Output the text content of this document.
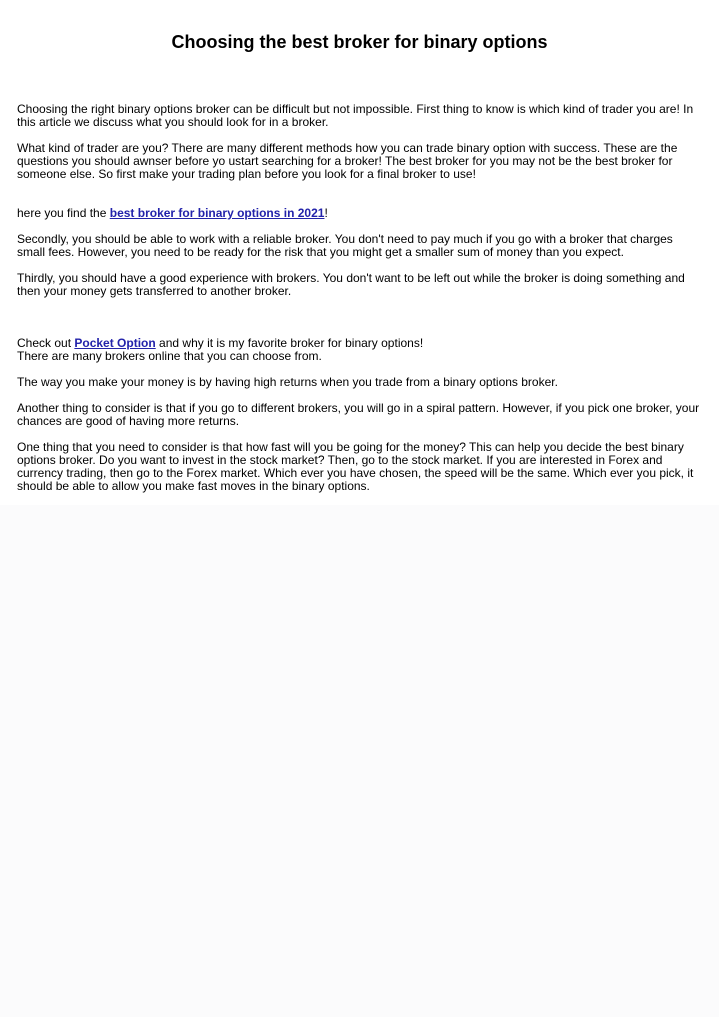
Choosing the best broker for binary options

Choosing the right binary options broker can be difficult but not impossible. First thing to know is which kind of trader you are! In this article we discuss what you should look for in a broker.

What kind of trader are you? There are many different methods how you can trade binary option with success. These are the questions you should awnser before yo ustart searching for a broker! The best broker for you may not be the best broker for someone else. So first make your trading plan before you look for a final broker to use!

here you find the best broker for binary options in 2021!

Secondly, you should be able to work with a reliable broker. You don't need to pay much if you go with a broker that charges small fees. However, you need to be ready for the risk that you might get a smaller sum of money than you expect.

Thirdly, you should have a good experience with brokers. You don't want to be left out while the broker is doing something and then your money gets transferred to another broker.

Check out Pocket Option and why it is my favorite broker for binary options!
There are many brokers online that you can choose from.

The way you make your money is by having high returns when you trade from a binary options broker.

Another thing to consider is that if you go to different brokers, you will go in a spiral pattern. However, if you pick one broker, your chances are good of having more returns.

One thing that you need to consider is that how fast will you be going for the money? This can help you decide the best binary options broker. Do you want to invest in the stock market? Then, go to the stock market. If you are interested in Forex and currency trading, then go to the Forex market. Which ever you have chosen, the speed will be the same. Which ever you pick, it should be able to allow you make fast moves in the binary options.
